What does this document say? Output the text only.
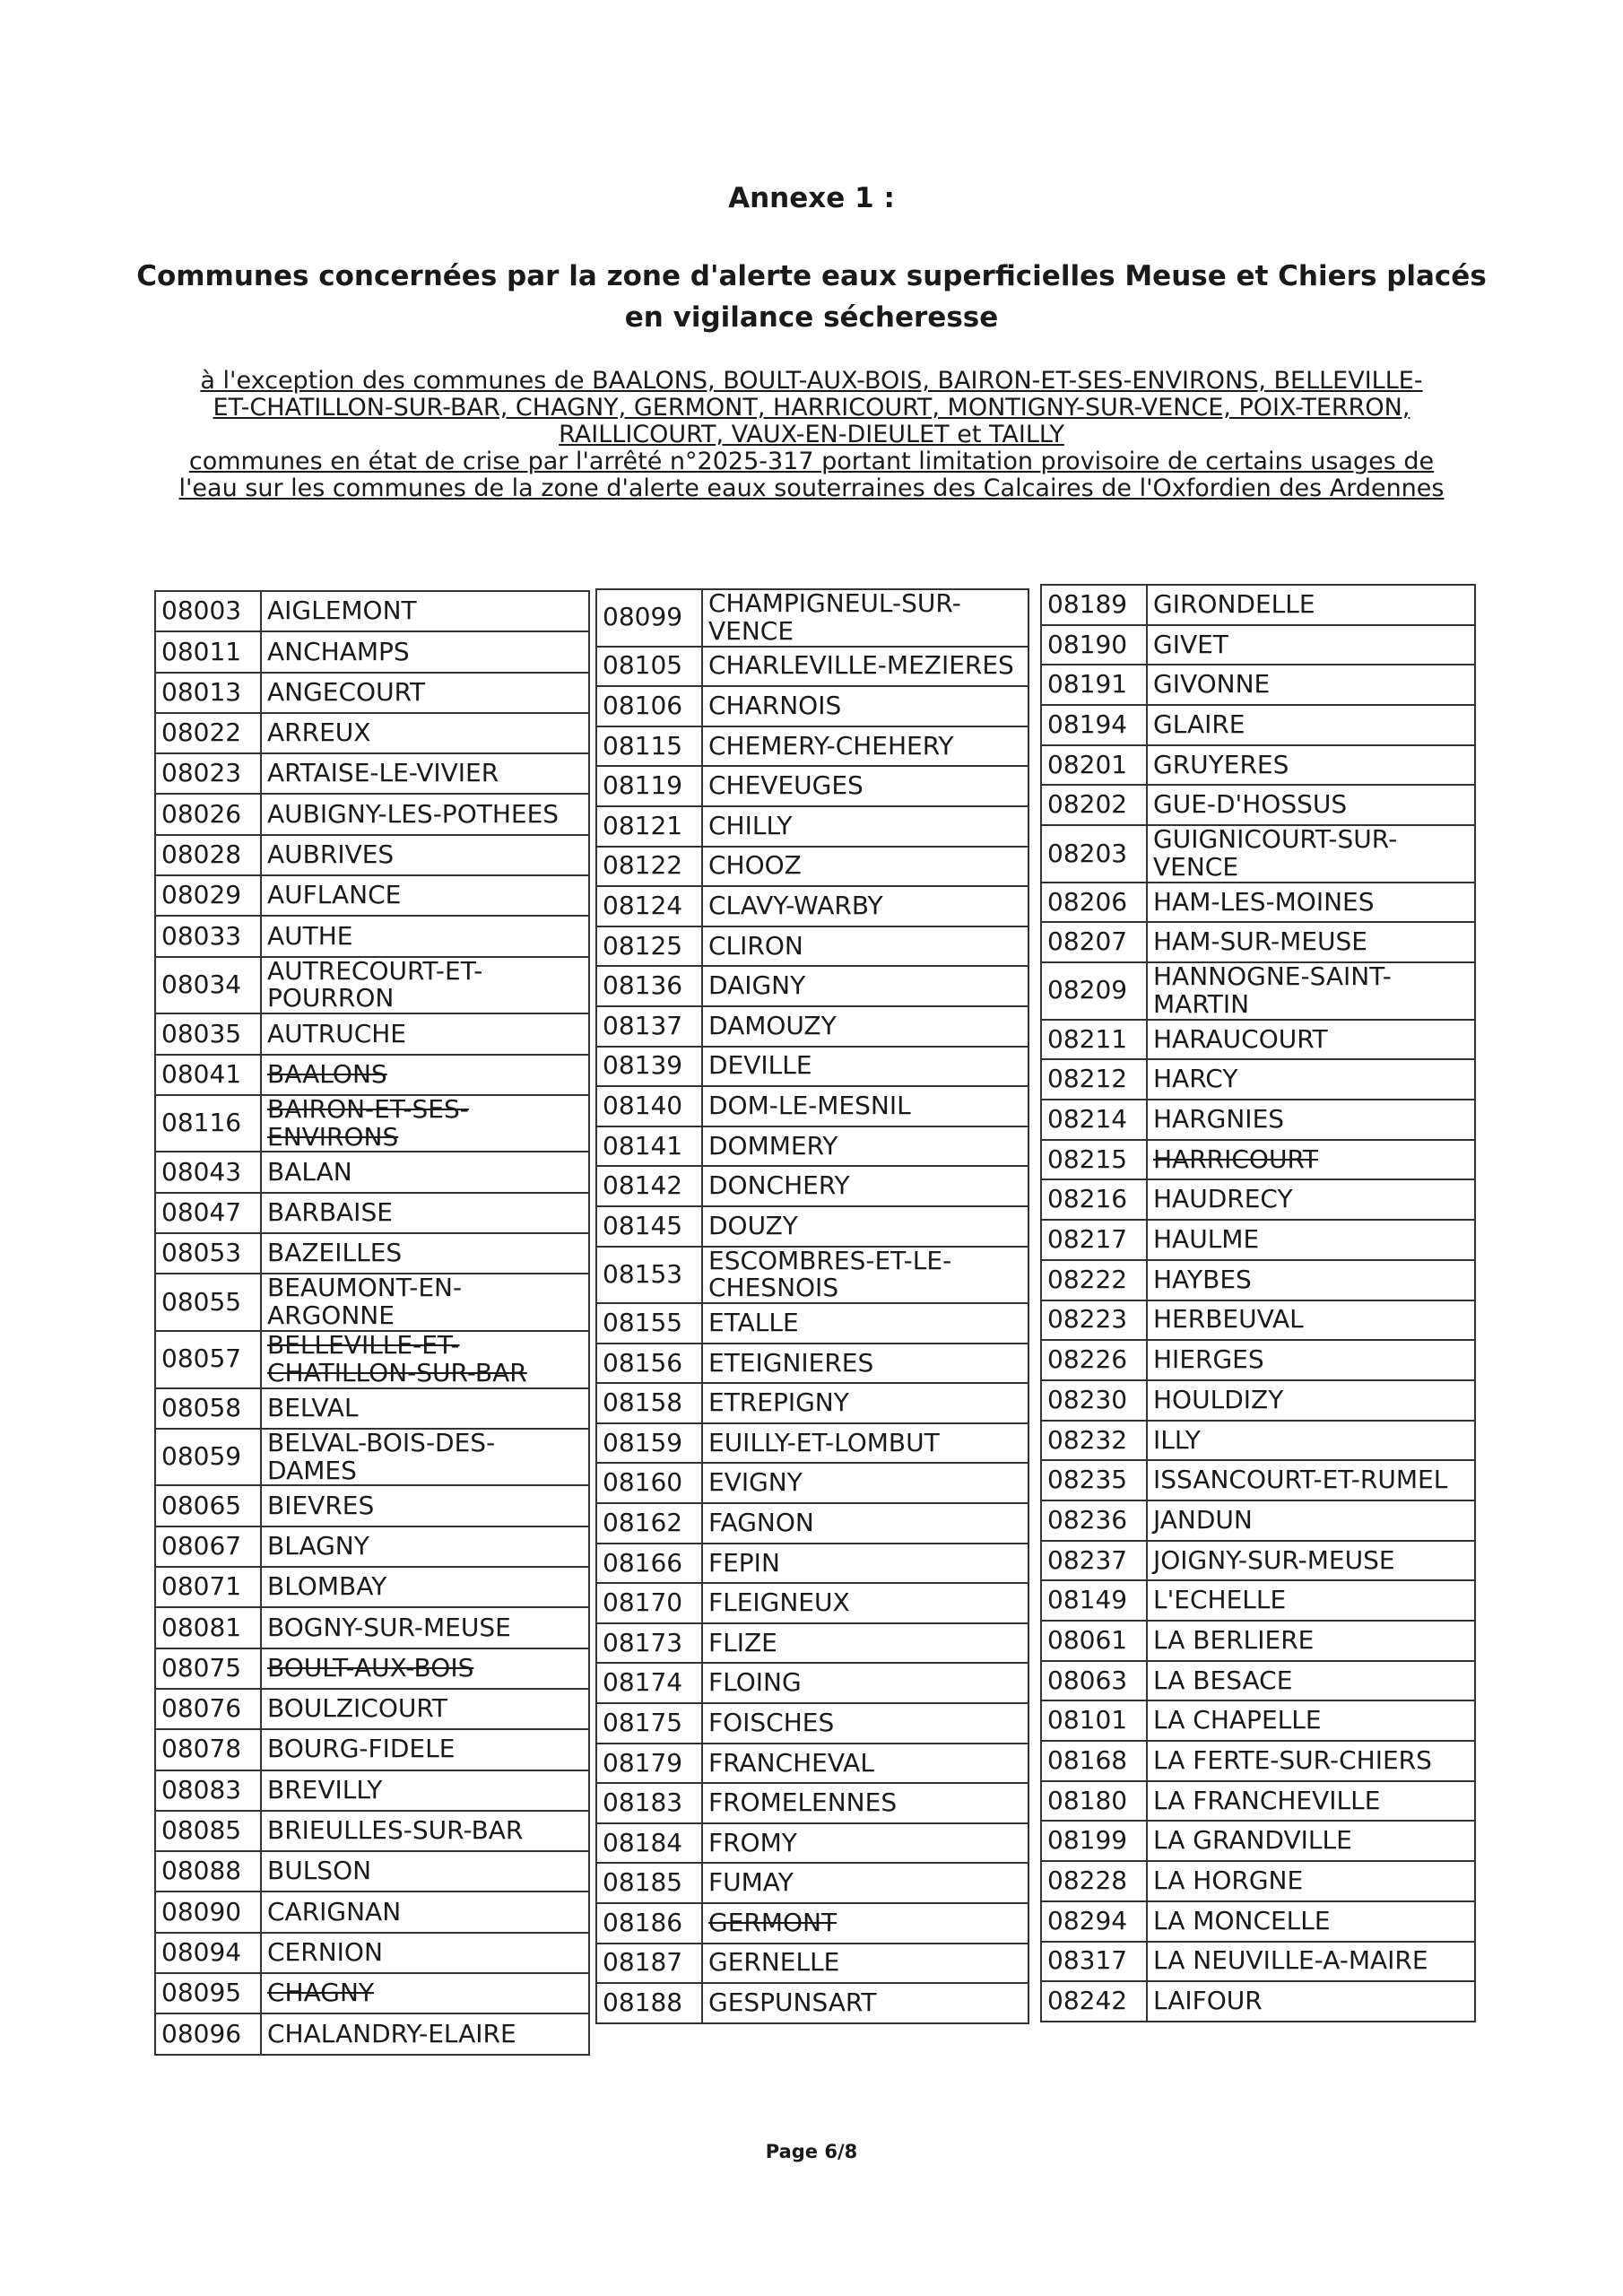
Annexe 1 :
Communes concernées par la zone d'alerte eaux superficielles Meuse et Chiers placés en vigilance sécheresse

à l'exception des communes de BAALONS, BOULT-AUX-BOIS, BAIRON-ET-SES-ENVIRONS, BELLEVILLE-

ET-CHATILLON-SUR-BAR, CHAGNY, GERMONT, HARRICOURT, MONTIGNY-SUR-VENCE, POIX-TERRON,

RAILLICOURT, VAUX-EN-DIEULET et TAILLY

communes en état de crise par l'arrêté n°2025-317 portant limitation provisoire de certains usages de

l'eau sur les communes de la zone d'alerte eaux souterraines des Calcaires de l'Oxfordien des Ardennes

08003	AIGLEMONT
08011	ANCHAMPS
08013	ANGECOURT
08022	ARREUX
08023	ARTAISE-LE-VIVIER
08026	AUBIGNY-LES-POTHEES
08028	AUBRIVES
08029	AUFLANCE
08033	AUTHE
08034	AUTRECOURT-ET-POURRON
08035	AUTRUCHE
08041	BAALONS
08116	BAIRON-ET-SES-ENVIRONS
08043	BALAN
08047	BARBAISE
08053	BAZEILLES
08055	BEAUMONT-EN-ARGONNE
08057	BELLEVILLE-ET-CHATILLON-SUR-BAR
08058	BELVAL
08059	BELVAL-BOIS-DES-DAMES
08065	BIEVRES
08067	BLAGNY
08071	BLOMBAY
08081	BOGNY-SUR-MEUSE
08075	BOULT-AUX-BOIS
08076	BOULZICOURT
08078	BOURG-FIDELE
08083	BREVILLY
08085	BRIEULLES-SUR-BAR
08088	BULSON
08090	CARIGNAN
08094	CERNION
08095	CHAGNY
08096	CHALANDRY-ELAIRE
08099	CHAMPIGNEUL-SUR-VENCE
08105	CHARLEVILLE-MEZIERES
08106	CHARNOIS
08115	CHEMERY-CHEHERY
08119	CHEVEUGES
08121	CHILLY
08122	CHOOZ
08124	CLAVY-WARBY
08125	CLIRON
08136	DAIGNY
08137	DAMOUZY
08139	DEVILLE
08140	DOM-LE-MESNIL
08141	DOMMERY
08142	DONCHERY
08145	DOUZY
08153	ESCOMBRES-ET-LE-CHESNOIS
08155	ETALLE
08156	ETEIGNIERES
08158	ETREPIGNY
08159	EUILLY-ET-LOMBUT
08160	EVIGNY
08162	FAGNON
08166	FEPIN
08170	FLEIGNEUX
08173	FLIZE
08174	FLOING
08175	FOISCHES
08179	FRANCHEVAL
08183	FROMELENNES
08184	FROMY
08185	FUMAY
08186	GERMONT
08187	GERNELLE
08188	GESPUNSART
08189	GIRONDELLE
08190	GIVET
08191	GIVONNE
08194	GLAIRE
08201	GRUYERES
08202	GUE-D'HOSSUS
08203	GUIGNICOURT-SUR-VENCE
08206	HAM-LES-MOINES
08207	HAM-SUR-MEUSE
08209	HANNOGNE-SAINT-MARTIN
08211	HARAUCOURT
08212	HARCY
08214	HARGNIES
08215	HARRICOURT
08216	HAUDRECY
08217	HAULME
08222	HAYBES
08223	HERBEUVAL
08226	HIERGES
08230	HOULDIZY
08232	ILLY
08235	ISSANCOURT-ET-RUMEL
08236	JANDUN
08237	JOIGNY-SUR-MEUSE
08149	L'ECHELLE
08061	LA BERLIERE
08063	LA BESACE
08101	LA CHAPELLE
08168	LA FERTE-SUR-CHIERS
08180	LA FRANCHEVILLE
08199	LA GRANDVILLE
08228	LA HORGNE
08294	LA MONCELLE
08317	LA NEUVILLE-A-MAIRE
08242	LAIFOUR
Page 6/8
